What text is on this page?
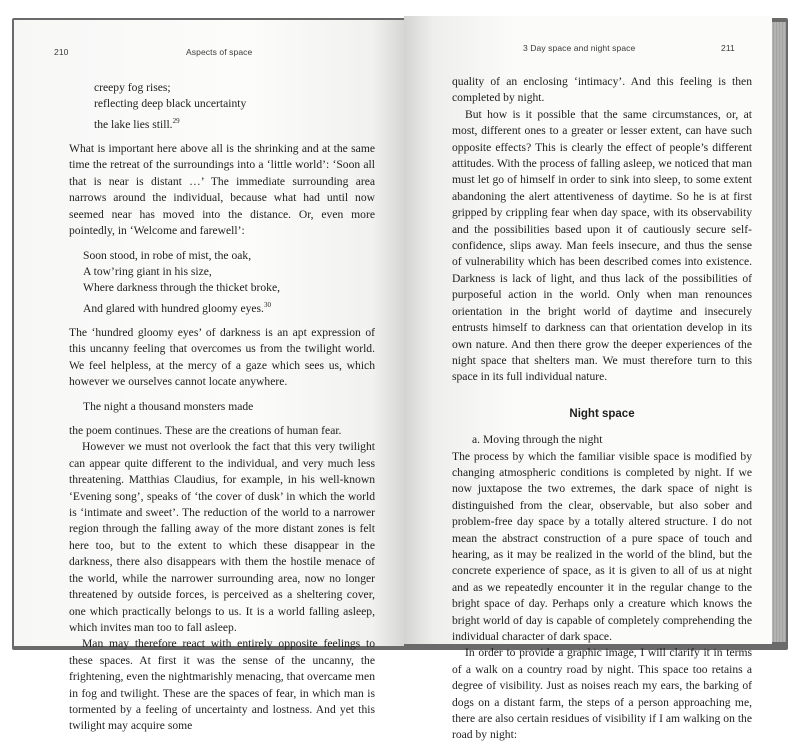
210	Aspects of space
creepy fog rises;
reflecting deep black uncertainty
the lake lies still.$^{29}$

What is important here above all is the shrinking and at the same time the retreat of the surroundings into a ‘little world’: ‘Soon all that is near is distant …’ The immediate surrounding area narrows around the individual, because what had until now seemed near has moved into the distance. Or, even more pointedly, in ‘Welcome and farewell’:

Soon stood, in robe of mist, the oak,
A tow’ring giant in his size,
Where darkness through the thicket broke,
And glared with hundred gloomy eyes.$^{30}$

The ‘hundred gloomy eyes’ of darkness is an apt expression of this uncanny feeling that overcomes us from the twilight world. We feel helpless, at the mercy of a gaze which sees us, which however we ourselves cannot locate anywhere.

The night a thousand monsters made

the poem continues. These are the creations of human fear.

However we must not overlook the fact that this very twilight can appear quite different to the individual, and very much less threatening. Matthias Claudius, for example, in his well-known ‘Evening song’, speaks of ‘the cover of dusk’ in which the world is ‘intimate and sweet’. The reduction of the world to a narrower region through the falling away of the more distant zones is felt here too, but to the extent to which these disappear in the darkness, there also disappears with them the hostile menace of the world, while the narrower surrounding area, now no longer threatened by outside forces, is perceived as a sheltering cover, one which practically belongs to us. It is a world falling asleep, which invites man too to fall asleep.

Man may therefore react with entirely opposite feelings to these spaces. At first it was the sense of the uncanny, the frightening, even the nightmarishly menacing, that overcame men in fog and twilight. These are the spaces of fear, in which man is tormented by a feeling of uncertainty and lostness. And yet this twilight may acquire some

3 Day space and night space	211

quality of an enclosing ‘intimacy’. And this feeling is then completed by night.

But how is it possible that the same circumstances, or, at most, different ones to a greater or lesser extent, can have such opposite effects? This is clearly the effect of people’s different attitudes. With the process of falling asleep, we noticed that man must let go of himself in order to sink into sleep, to some extent abandoning the alert attentiveness of daytime. So he is at first gripped by crippling fear when day space, with its observability and the possibilities based upon it of cautiously secure self-confidence, slips away. Man feels insecure, and thus the sense of vulnerability which has been described comes into existence. Darkness is lack of light, and thus lack of the possibilities of purposeful action in the world. Only when man renounces orientation in the bright world of daytime and insecurely entrusts himself to darkness can that orientation develop in its own nature. And then there grow the deeper experiences of the night space that shelters man. We must therefore turn to this space in its full individual nature.

Night space
a. Moving through the night

The process by which the familiar visible space is modified by changing atmospheric conditions is completed by night. If we now juxtapose the two extremes, the dark space of night is distinguished from the clear, observable, but also sober and problem-free day space by a totally altered structure. I do not mean the abstract construction of a pure space of touch and hearing, as it may be realized in the world of the blind, but the concrete experience of space, as it is given to all of us at night and as we repeatedly encounter it in the regular change to the bright space of day. Perhaps only a creature which knows the bright world of day is capable of completely comprehending the individual character of dark space.

In order to provide a graphic image, I will clarify it in terms of a walk on a country road by night. This space too retains a degree of visibility. Just as noises reach my ears, the barking of dogs on a distant farm, the steps of a person approaching me, there are also certain residues of visibility if I am walking on the road by night:
